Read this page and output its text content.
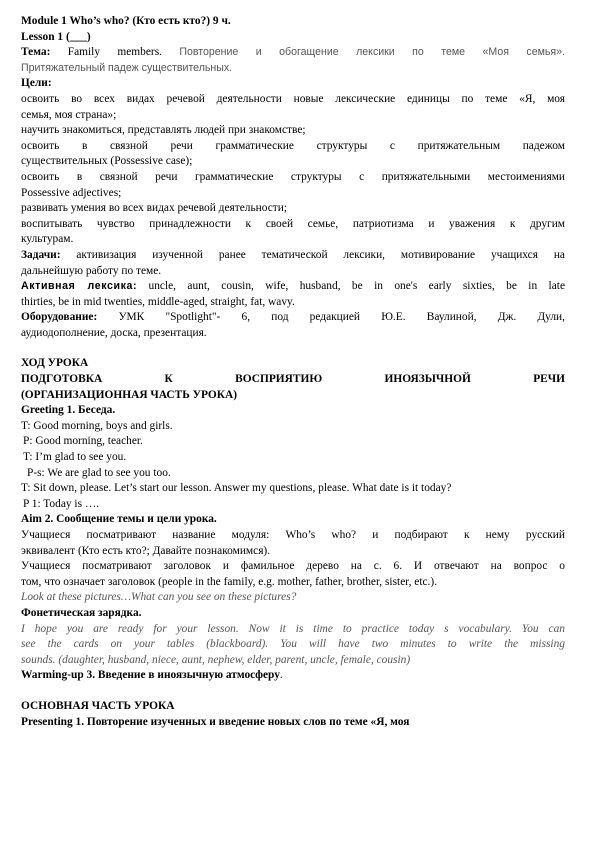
Module 1 Who’s who? (Кто есть кто?) 9 ч.

Lesson 1 (___)

Тема: Family members. Повторение и обогащение лексики по теме «Моя семья».

Притяжательный падеж существительных.

Цели:

освоить во всех видах речевой деятельности новые лексические единицы по теме «Я, моя

семья, моя страна»;

научить знакомиться, представлять людей при знакомстве;

освоить в связной речи грамматические структуры с притяжательным падежом

существительных (Possessive case);

освоить в связной речи грамматические структуры с притяжательными местоимениями

Possessive adjectives;

развивать умения во всех видах речевой деятельности;

воспитывать чувство принадлежности к своей семье, патриотизма и уважения к другим

культурам.

Задачи: активизация изученной ранее тематической лексики, мотивирование учащихся на

дальнейшую работу по теме.

Активная лексика: uncle, aunt, cousin, wife, husband, be in one's early sixties, be in late

thirties, be in mid twenties, middle-aged, straight, fat, wavy.

Оборудование: УМК "Spotlight"- 6, под редакцией Ю.Е. Ваулиной, Дж. Дули,

аудиодополнение, доска, презентация.

ХОД УРОКА

ПОДГОТОВКА К ВОСПРИЯТИЮ ИНОЯЗЫЧНОЙ РЕЧИ

(ОРГАНИЗАЦИОННАЯ ЧАСТЬ УРОКА)

Greeting 1. Беседа.

T: Good morning, boys and girls.

P: Good morning, teacher.

T: I’m glad to see you.

P-s: We are glad to see you too.

T: Sit down, please. Let’s start our lesson. Answer my questions, please. What date is it today?

P 1: Today is ….

Aim 2. Сообщение темы и цели урока.

Учащиеся посматривают название модуля: Who’s who? и подбирают к нему русский

эквивалент (Кто есть кто?; Давайте познакомимся).

Учащиеся посматривают заголовок и фамильное дерево на с. 6. И отвечают на вопрос о

том, что означает заголовок (people in the family, e.g. mother, father, brother, sister, etc.).

Look at these pictures…What can you see on these pictures?

Фонетическая зарядка.

I hope you are ready for your lesson. Now it is time to practice today s vocabulary. You can

see the cards on your tables (blackboard). You will have two minutes to write the missing

sounds. (daughter, husband, niece, aunt, nephew, elder, parent, uncle, female, cousin)

Warming-up 3. Введение в иноязычную атмосферу.

ОСНОВНАЯ ЧАСТЬ УРОКА

Presenting 1. Повторение изученных и введение новых слов по теме «Я, моя
